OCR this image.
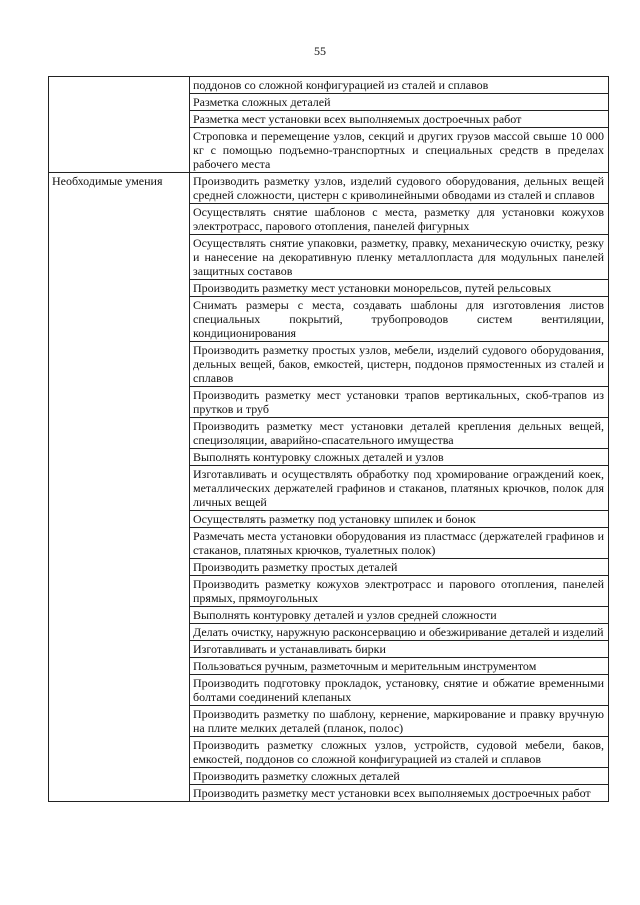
55
	поддонов со сложной конфигурацией из сталей и сплавов
	Разметка сложных деталей
	Разметка мест установки всех выполняемых достроечных работ
	Строповка и перемещение узлов, секций и других грузов массой свыше 10 000 кг с помощью подъемно-транспортных и специальных средств в пределах рабочего места
Необходимые умения	Производить разметку узлов, изделий судового оборудования, дельных вещей средней сложности, цистерн с криволинейными обводами из сталей и сплавов
	Осуществлять снятие шаблонов с места, разметку для установки кожухов электротрасс, парового отопления, панелей фигурных
	Осуществлять снятие упаковки, разметку, правку, механическую очистку, резку и нанесение на декоративную пленку металлопласта для модульных панелей защитных составов
	Производить разметку мест установки монорельсов, путей рельсовых
	Снимать размеры с места, создавать шаблоны для изготовления листов специальных покрытий, трубопроводов систем вентиляции, кондиционирования
	Производить разметку простых узлов, мебели, изделий судового оборудования, дельных вещей, баков, емкостей, цистерн, поддонов прямостенных из сталей и сплавов
	Производить разметку мест установки трапов вертикальных, скоб-трапов из прутков и труб
	Производить разметку мест установки деталей крепления дельных вещей, специзоляции, аварийно-спасательного имущества
	Выполнять контуровку сложных деталей и узлов
	Изготавливать и осуществлять обработку под хромирование ограждений коек, металлических держателей графинов и стаканов, платяных крючков, полок для личных вещей
	Осуществлять разметку под установку шпилек и бонок
	Размечать места установки оборудования из пластмасс (держателей графинов и стаканов, платяных крючков, туалетных полок)
	Производить разметку простых деталей
	Производить разметку кожухов электротрасс и парового отопления, панелей прямых, прямоугольных
	Выполнять контуровку деталей и узлов средней сложности
	Делать очистку, наружную расконсервацию и обезжиривание деталей и изделий
	Изготавливать и устанавливать бирки
	Пользоваться ручным, разметочным и мерительным инструментом
	Производить подготовку прокладок, установку, снятие и обжатие временными болтами соединений клепаных
	Производить разметку по шаблону, кернение, маркирование и правку вручную на плите мелких деталей (планок, полос)
	Производить разметку сложных узлов, устройств, судовой мебели, баков, емкостей, поддонов со сложной конфигурацией из сталей и сплавов
	Производить разметку сложных деталей
	Производить разметку мест установки всех выполняемых достроечных работ
